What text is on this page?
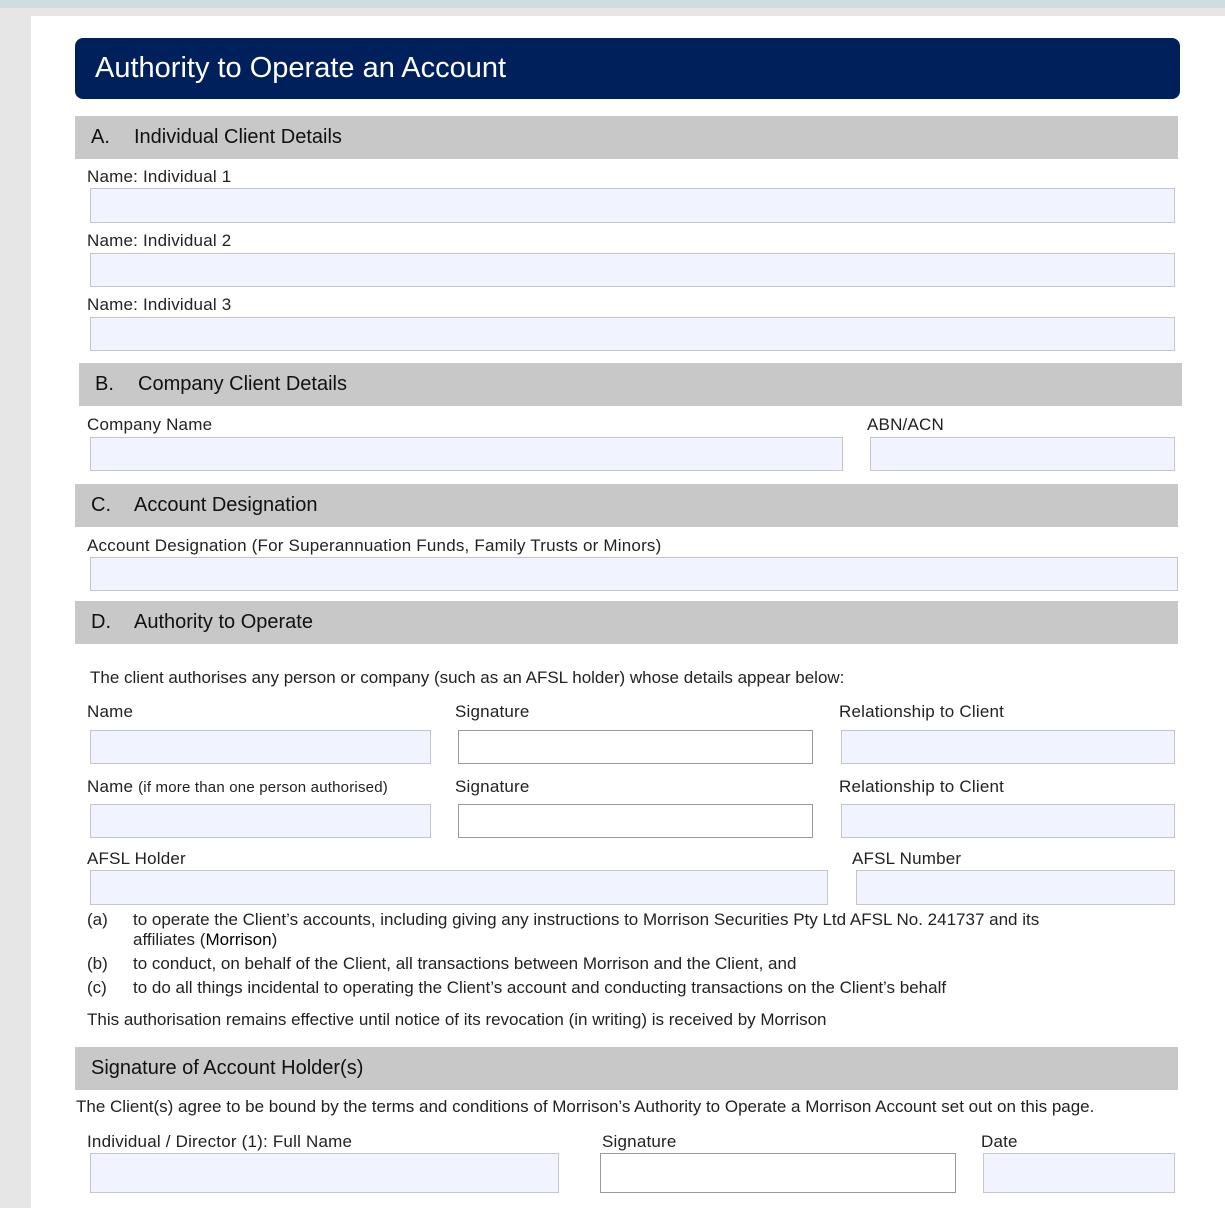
Authority to Operate an Account
A.	Individual Client Details
Name: Individual 1
Name: Individual 2
Name: Individual 3
B.	Company Client Details
Company Name	ABN/ACN
C.	Account Designation
Account Designation (For Superannuation Funds, Family Trusts or Minors)
D.	Authority to Operate
The client authorises any person or company (such as an AFSL holder) whose details appear below:
Name	Signature	Relationship to Client
Name (if more than one person authorised)	Signature	Relationship to Client
AFSL Holder	AFSL Number
(a) to operate the Client’s accounts, including giving any instructions to Morrison Securities Pty Ltd AFSL No. 241737 and its
affiliates (Morrison)
(b) to conduct, on behalf of the Client, all transactions between Morrison and the Client, and
(c) to do all things incidental to operating the Client’s account and conducting transactions on the Client’s behalf
This authorisation remains effective until notice of its revocation (in writing) is received by Morrison
Signature of Account Holder(s)
The Client(s) agree to be bound by the terms and conditions of Morrison’s Authority to Operate a Morrison Account set out on this page.
Individual / Director (1): Full Name	Signature	Date
